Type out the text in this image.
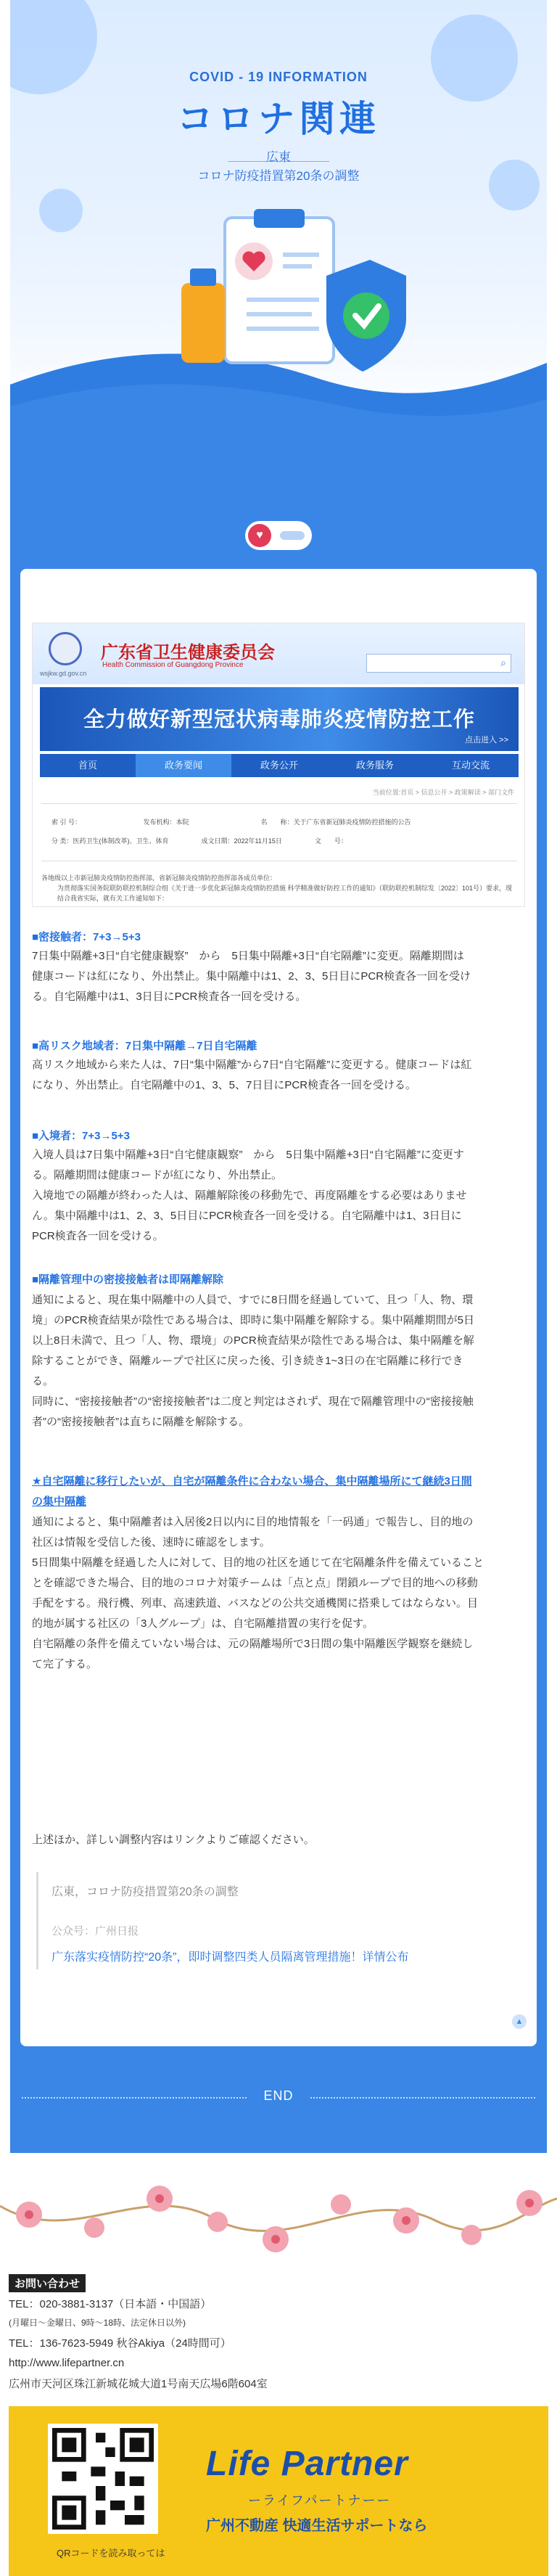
COVID - 19 INFORMATION
コロナ関連
広東
コロナ防疫措置第20条の調整
♥
wsjkw.gd.gov.cn
广东省卫生健康委员会
Health Commission of Guangdong Province	⌕
全力做好新型冠状病毒肺炎疫情防控工作
点击进入 >>
首页	政务要闻	政务公开	政务服务	互动交流
当前位置:首页 > 信息公开 > 政策解读 > 部门文件
索 引 号：　　　　　　　　　　发布机构：本院　　　　　　　　　　　名　　称：关于广东省新冠肺炎疫情防控措施的公告
分 类：医药卫生(体制改革)、卫生、体育　　　　　成文日期：2022年11月15日　　　　　文　　号：
各地级以上市新冠肺炎疫情防控指挥部，省新冠肺炎疫情防控指挥部各成员单位：
为贯彻落实国务院联防联控机制综合组《关于进一步优化新冠肺炎疫情防控措施 科学精准做好防控工作的通知》（联防联控机制综发〔2022〕101号）要求，现结合我省实际，就有关工作通知如下：
■密接触者：7+3→5+3
7日集中隔離+3日“自宅健康観察”　から　5日集中隔離+3日“自宅隔離”に変更。隔離期間は
健康コードは紅になり、外出禁止。集中隔離中は1、2、3、5日目にPCR検査各一回を受け
る。自宅隔離中は1、3日目にPCR検査各一回を受ける。
■高リスク地域者：7日集中隔離→7日自宅隔離
高リスク地域から来た人は、7日“集中隔離”から7日“自宅隔離”に変更する。健康コードは紅
になり、外出禁止。自宅隔離中の1、3、5、7日目にPCR検査各一回を受ける。
■入境者：7+3→5+3
入境人員は7日集中隔離+3日“自宅健康観察”　から　5日集中隔離+3日“自宅隔離”に変更す
る。隔離期間は健康コードが紅になり、外出禁止。
入境地での隔離が終わった人は、隔離解除後の移動先で、再度隔離をする必要はありませ
ん。集中隔離中は1、2、3、5日目にPCR検査各一回を受ける。自宅隔離中は1、3日目に
PCR検査各一回を受ける。
■隔離管理中の密接接触者は即隔離解除
通知によると、現在集中隔離中の人員で、すでに8日間を経過していて、且つ「人、物、環
境」のPCR検査結果が陰性である場合は、即時に集中隔離を解除する。集中隔離期間が5日
以上8日未満で、且つ「人、物、環境」のPCR検査結果が陰性である場合は、集中隔離を解
除することができ、隔離ループで社区に戻った後、引き続き1~3日の在宅隔離に移行でき
る。
同時に、“密接接触者”の“密接接触者”は二度と判定はされず、現在で隔離管理中の“密接接触
者”の“密接接触者”は直ちに隔離を解除する。
★自宅隔離に移行したいが、自宅が隔離条件に合わない場合、集中隔離場所にて継続3日間
の集中隔離
通知によると、集中隔離者は入居後2日以内に目的地情報を「一码通」で報告し、目的地の
社区は情報を受信した後、速時に確認をします。
5日間集中隔離を経過した人に対して、目的地の社区を通じて在宅隔離条件を備えていること
とを確認できた場合、目的地のコロナ対策チームは「点と点」閉鎖ループで目的地への移動
手配をする。飛行機、列車、高速鉄道、バスなどの公共交通機関に搭乗してはならない。目
的地が属する社区の「3人グループ」は、自宅隔離措置の実行を促す。
自宅隔離の条件を備えていない場合は、元の隔離場所で3日間の集中隔離医学観察を継続し
て完了する。
上述ほか、詳しい調整内容はリンクよりご確認ください。
広東，コロナ防疫措置第20条の調整
公众号：广州日报
广东落实疫情防控“20条”，即时调整四类人员隔离管理措施！详情公布
▲
END
お問い合わせ
TEL：020-3881-3137（日本語・中国語）
(月曜日～金曜日、9時～18時、法定休日以外)
TEL：136-7623-5949 秋谷Akiya（24時間可）
http://www.lifepartner.cn
広州市天河区珠江新城花城大道1号南天広場6階604室
QRコードを読み取っては
Life Partner
ーライフパートナーー
广州不動産 快適生活サポートなら
